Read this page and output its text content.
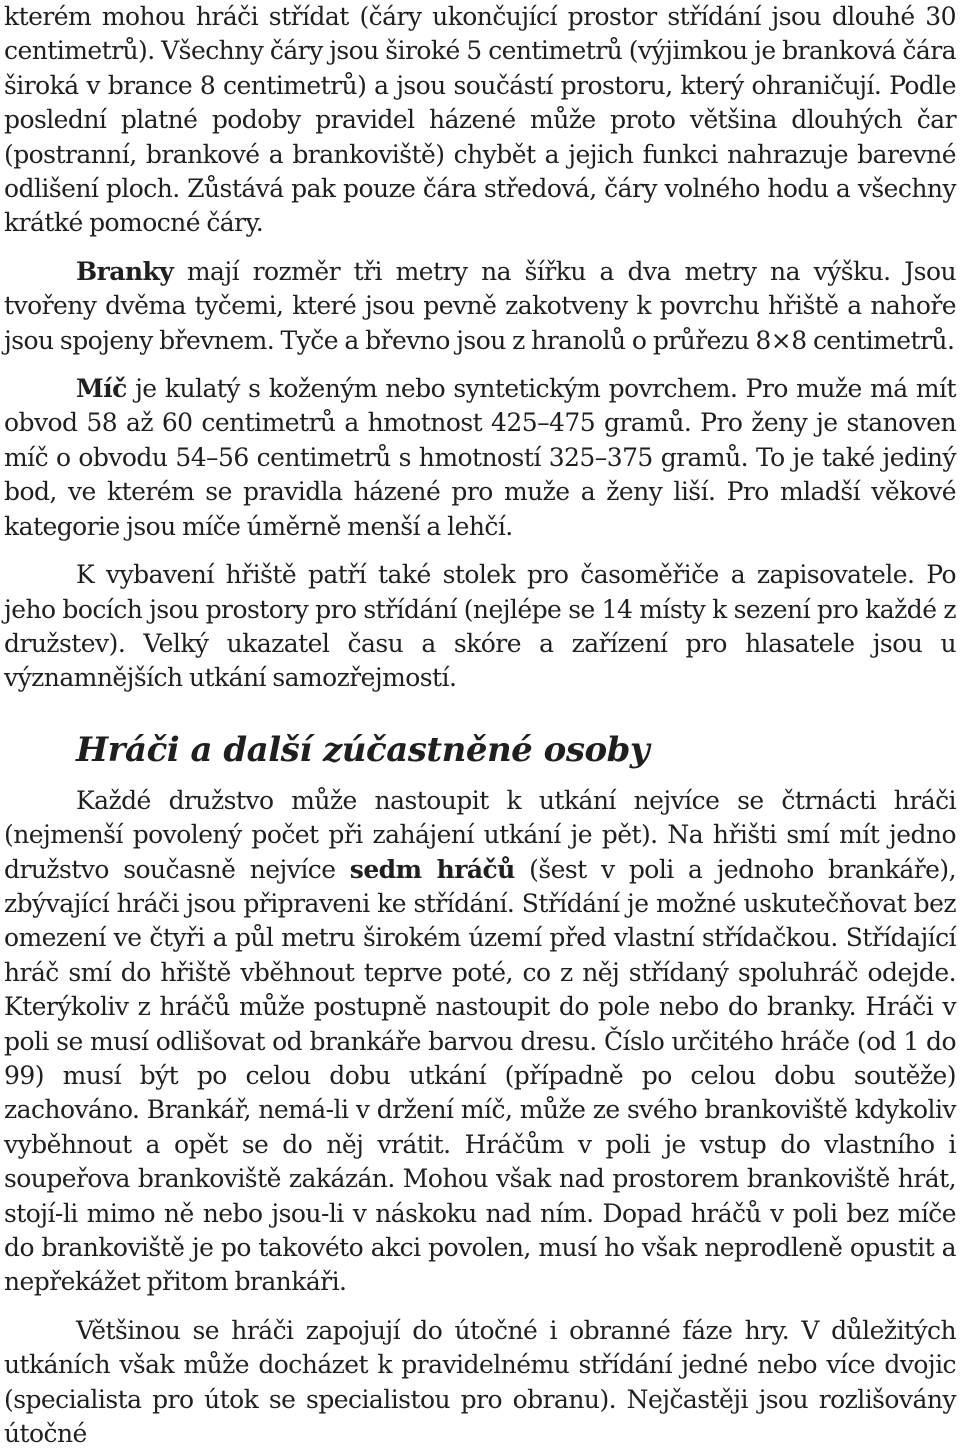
kterém mohou hráči střídat (čáry ukončující prostor střídání jsou dlouhé 30 centimetrů). Všechny čáry jsou široké 5 centimetrů (výjimkou je branková čára široká v brance 8 centimetrů) a jsou součástí prostoru, který ohraničují. Podle poslední platné podoby pravidel házené může proto většina dlouhých čar (postranní, brankové a brankoviště) chybět a jejich funkci nahrazuje barevné odlišení ploch. Zůstává pak pouze čára středová, čáry volného hodu a všechny krátké pomocné čáry.

Branky mají rozměr tři metry na šířku a dva metry na výšku. Jsou tvořeny dvěma tyčemi, které jsou pevně zakotveny k povrchu hřiště a nahoře jsou spojeny břevnem. Tyče a břevno jsou z hranolů o průřezu 8×8 centimetrů.

Míč je kulatý s koženým nebo syntetickým povrchem. Pro muže má mít obvod 58 až 60 centimetrů a hmotnost 425–475 gramů. Pro ženy je stanoven míč o obvodu 54–56 centimetrů s hmotností 325–375 gramů. To je také jediný bod, ve kterém se pravidla házené pro muže a ženy liší. Pro mladší věkové kategorie jsou míče úměrně menší a lehčí.

K vybavení hřiště patří také stolek pro časoměřiče a zapisovatele. Po jeho bocích jsou prostory pro střídání (nejlépe se 14 místy k sezení pro každé z družstev). Velký ukazatel času a skóre a zařízení pro hlasatele jsou u významnějších utkání samozřejmostí.

Hráči a další zúčastněné osoby

Každé družstvo může nastoupit k utkání nejvíce se čtrnácti hráči (nejmenší povolený počet při zahájení utkání je pět). Na hřišti smí mít jedno družstvo současně nejvíce sedm hráčů (šest v poli a jednoho brankáře), zbývající hráči jsou připraveni ke střídání. Střídání je možné uskutečňovat bez omezení ve čtyři a půl metru širokém území před vlastní střídačkou. Střídající hráč smí do hřiště vběhnout teprve poté, co z něj střídaný spoluhráč odejde. Kterýkoliv z hráčů může postupně nastoupit do pole nebo do branky. Hráči v poli se musí odlišovat od brankáře barvou dresu. Číslo určitého hráče (od 1 do 99) musí být po celou dobu utkání (případně po celou dobu soutěže) zachováno. Brankář, nemá-li v držení míč, může ze svého brankoviště kdykoliv vyběhnout a opět se do něj vrátit. Hráčům v poli je vstup do vlastního i soupeřova brankoviště zakázán. Mohou však nad prostorem brankoviště hrát, stojí-li mimo ně nebo jsou-li v náskoku nad ním. Dopad hráčů v poli bez míče do brankoviště je po takovéto akci povolen, musí ho však neprodleně opustit a nepřekážet přitom brankáři.

Většinou se hráči zapojují do útočné i obranné fáze hry. V důležitých utkáních však může docházet k pravidelnému střídání jedné nebo více dvojic (specialista pro útok se specialistou pro obranu). Nejčastěji jsou rozlišovány útočné
